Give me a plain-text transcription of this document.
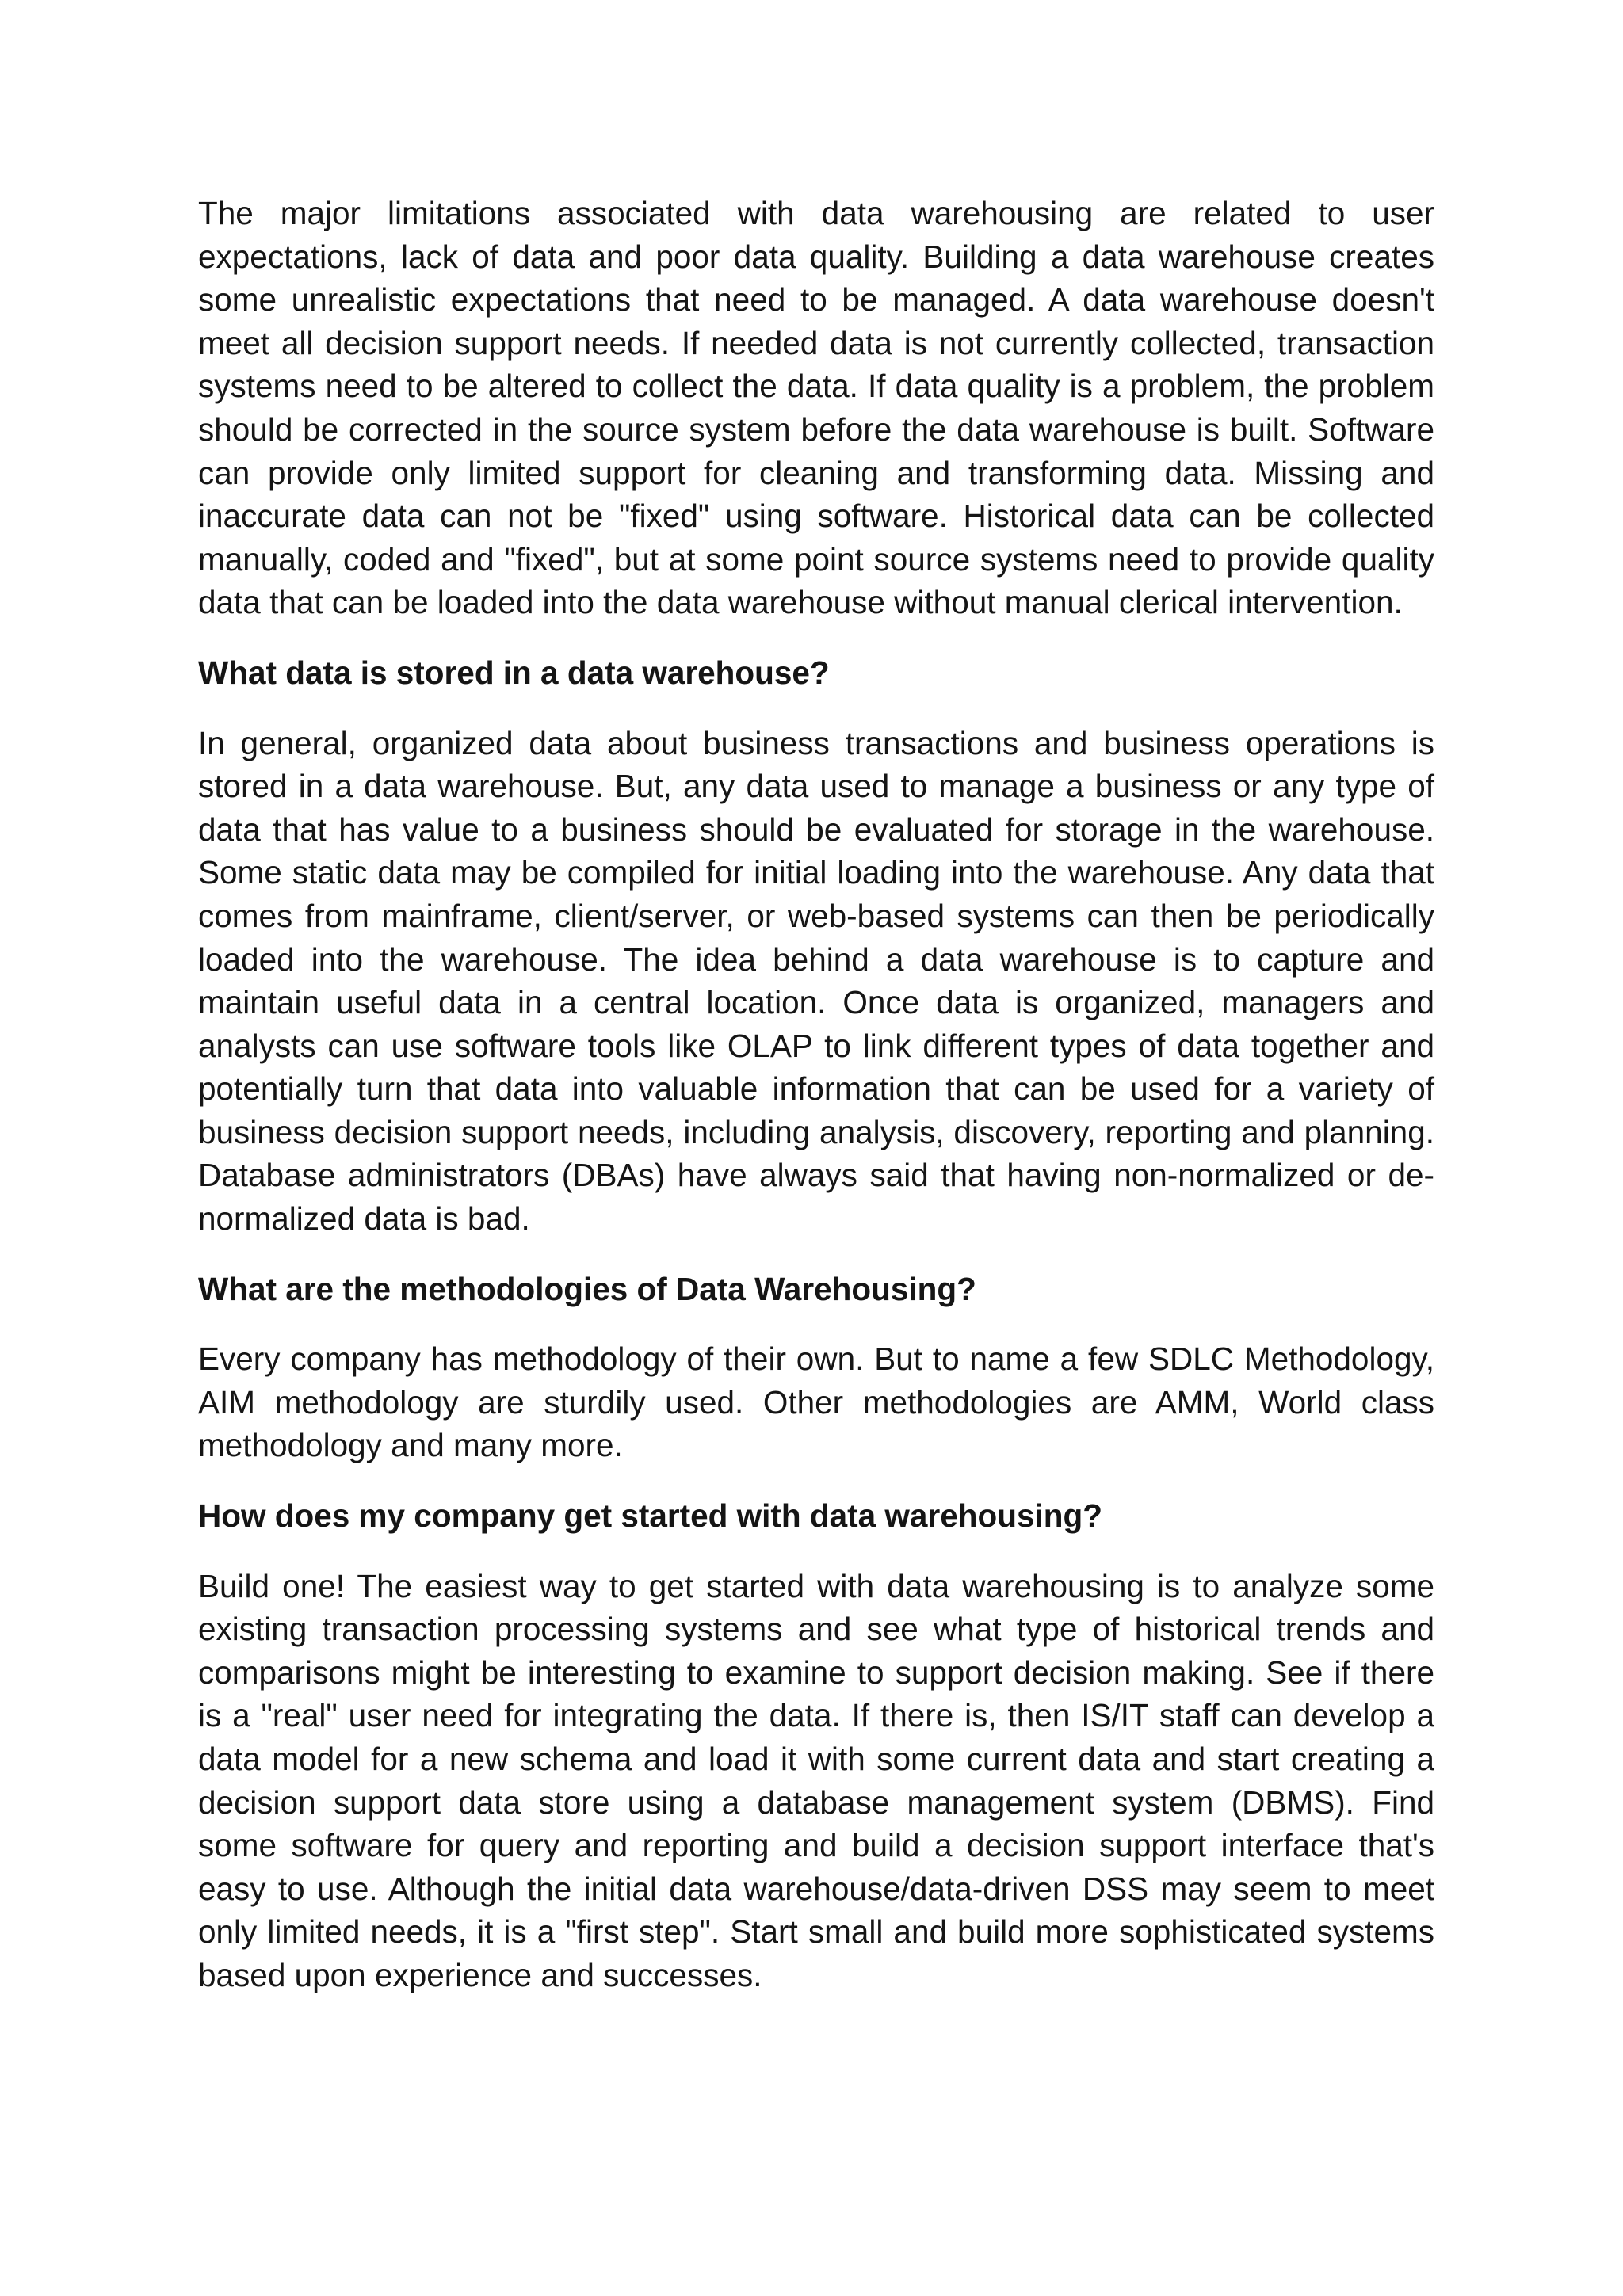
The major limitations associated with data warehousing are related to user expectations, lack of data and poor data quality. Building a data warehouse creates some unrealistic expectations that need to be managed. A data warehouse doesn't meet all decision support needs. If needed data is not currently collected, transaction systems need to be altered to collect the data. If data quality is a problem, the problem should be corrected in the source system before the data warehouse is built. Software can provide only limited support for cleaning and transforming data. Missing and inaccurate data can not be "fixed" using software. Historical data can be collected manually, coded and "fixed", but at some point source systems need to provide quality data that can be loaded into the data warehouse without manual clerical intervention.

What data is stored in a data warehouse?

In general, organized data about business transactions and business operations is stored in a data warehouse. But, any data used to manage a business or any type of data that has value to a business should be evaluated for storage in the warehouse. Some static data may be compiled for initial loading into the warehouse. Any data that comes from mainframe, client/server, or web-based systems can then be periodically loaded into the warehouse. The idea behind a data warehouse is to capture and maintain useful data in a central location. Once data is organized, managers and analysts can use software tools like OLAP to link different types of data together and potentially turn that data into valuable information that can be used for a variety of business decision support needs, including analysis, discovery, reporting and planning. Database administrators (DBAs) have always said that having non-normalized or de-normalized data is bad.

What are the methodologies of Data Warehousing?

Every company has methodology of their own. But to name a few SDLC Methodology, AIM methodology are sturdily used. Other methodologies are AMM, World class methodology and many more.

How does my company get started with data warehousing?

Build one! The easiest way to get started with data warehousing is to analyze some existing transaction processing systems and see what type of historical trends and comparisons might be interesting to examine to support decision making. See if there is a "real" user need for integrating the data. If there is, then IS/IT staff can develop a data model for a new schema and load it with some current data and start creating a decision support data store using a database management system (DBMS). Find some software for query and reporting and build a decision support interface that's easy to use. Although the initial data warehouse/data-driven DSS may seem to meet only limited needs, it is a "first step". Start small and build more sophisticated systems based upon experience and successes.
